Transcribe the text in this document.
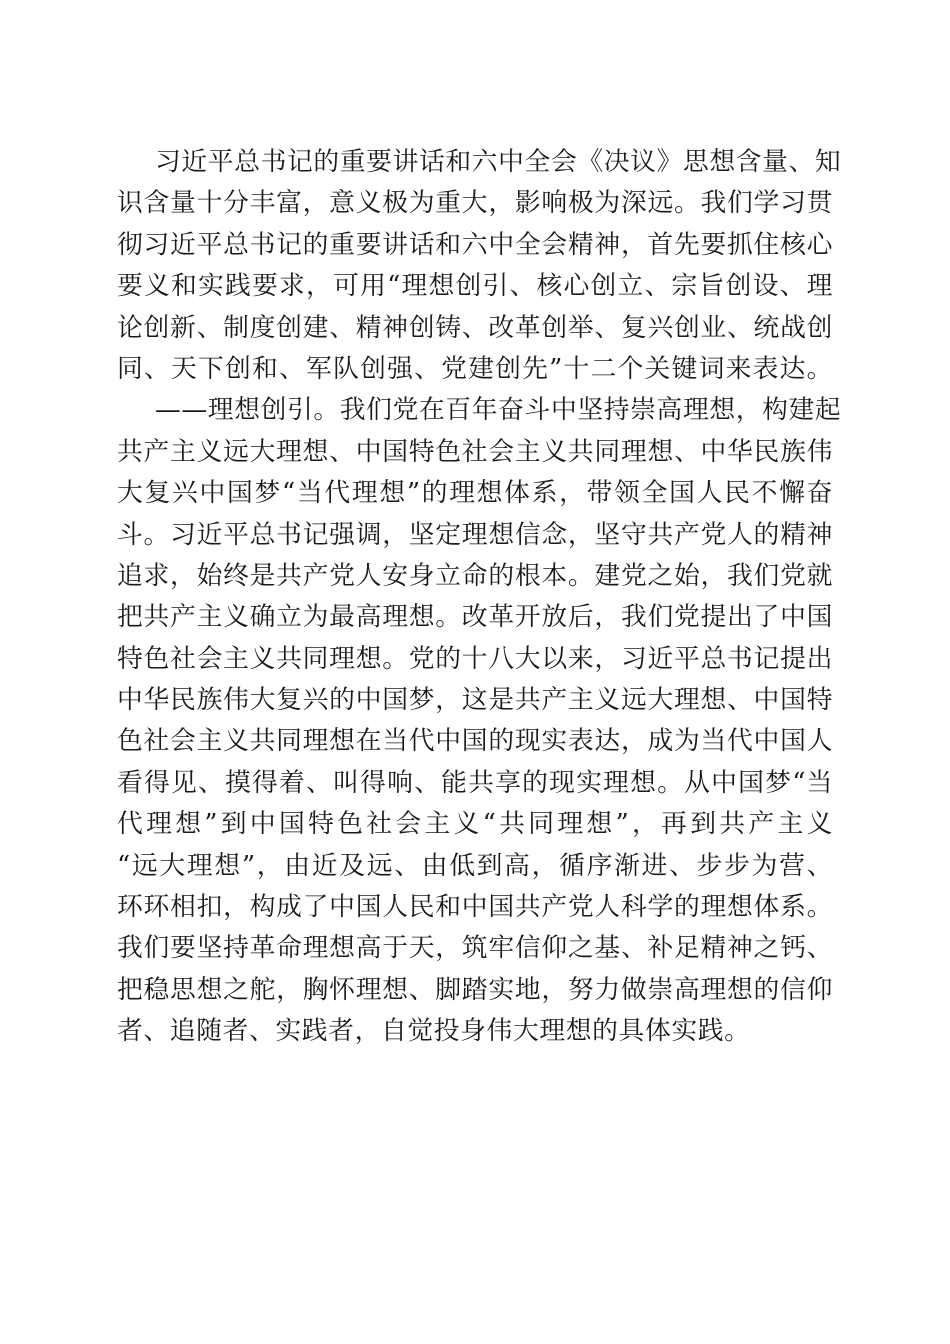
习近平总书记的重要讲话和六中全会《决议》思想含量、知
识含量十分丰富，意义极为重大，影响极为深远。我们学习贯
彻习近平总书记的重要讲话和六中全会精神，首先要抓住核心
要义和实践要求，可用“理想创引、核心创立、宗旨创设、理
论创新、制度创建、精神创铸、改革创举、复兴创业、统战创
同、天下创和、军队创强、党建创先”十二个关键词来表达。
——理想创引。我们党在百年奋斗中坚持崇高理想，构建起
共产主义远大理想、中国特色社会主义共同理想、中华民族伟
大复兴中国梦“当代理想”的理想体系，带领全国人民不懈奋
斗。习近平总书记强调，坚定理想信念，坚守共产党人的精神
追求，始终是共产党人安身立命的根本。建党之始，我们党就
把共产主义确立为最高理想。改革开放后，我们党提出了中国
特色社会主义共同理想。党的十八大以来，习近平总书记提出
中华民族伟大复兴的中国梦，这是共产主义远大理想、中国特
色社会主义共同理想在当代中国的现实表达，成为当代中国人
看得见、摸得着、叫得响、能共享的现实理想。从中国梦“当
代理想”到中国特色社会主义“共同理想”，再到共产主义
“远大理想”，由近及远、由低到高，循序渐进、步步为营、
环环相扣，构成了中国人民和中国共产党人科学的理想体系。
我们要坚持革命理想高于天，筑牢信仰之基、补足精神之钙、
把稳思想之舵，胸怀理想、脚踏实地，努力做崇高理想的信仰
者、追随者、实践者，自觉投身伟大理想的具体实践。
